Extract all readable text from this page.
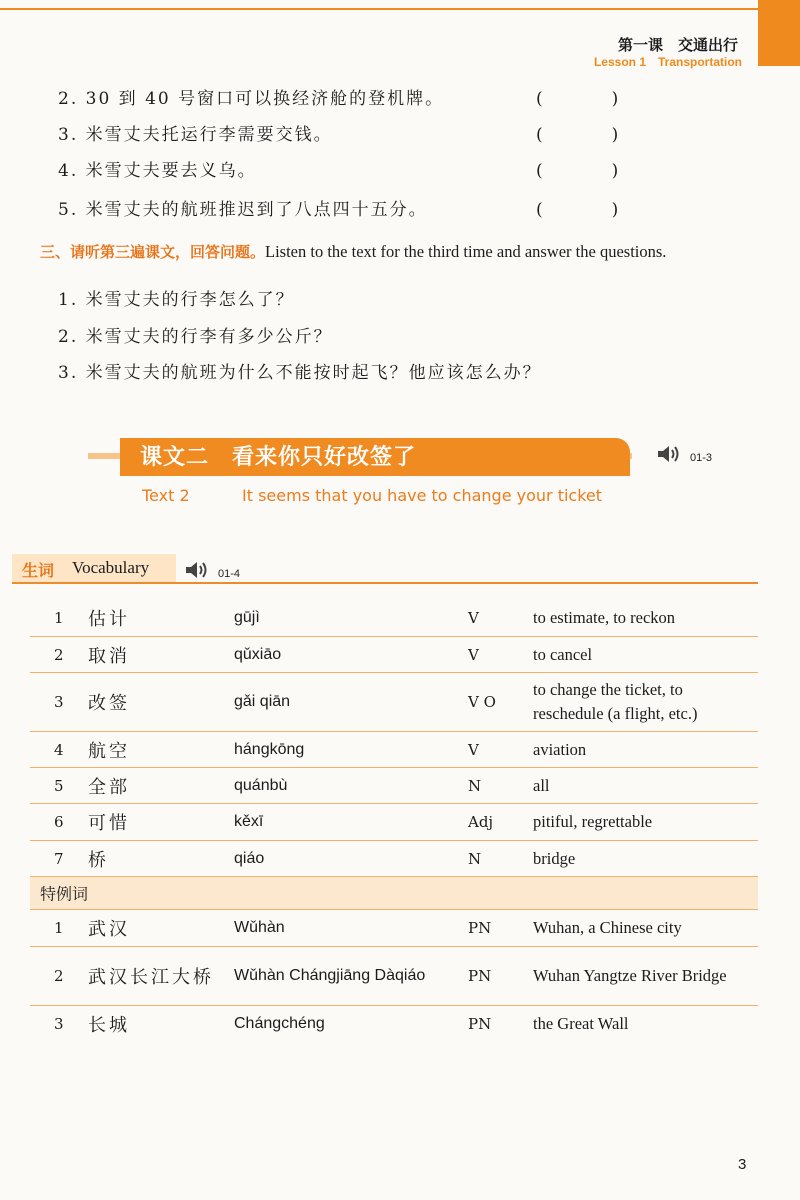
第一课　交通出行
Lesson 1　Transportation
2. 30 到 40 号窗口可以换经济舱的登机牌。	(　)
3. 米雪丈夫托运行李需要交钱。	(　)
4. 米雪丈夫要去义乌。	(　)
5. 米雪丈夫的航班推迟到了八点四十五分。	(　)
三、请听第三遍课文，回答问题。Listen to the text for the third time and answer the questions.
1. 米雪丈夫的行李怎么了？
2. 米雪丈夫的行李有多少公斤？
3. 米雪丈夫的航班为什么不能按时起飞？他应该怎么办？
课文二　看来你只好改签了	01-3
Text 2	It seems that you have to change your ticket
生词 Vocabulary	01-4
1 估计	gūjì	V	to estimate, to reckon
2 取消	qǔxiāo	V	to cancel
3 改签	gǎi qiān	V O
to change the ticket, to reschedule (a flight, etc.)
4 航空	hángkōng	V	aviation
5 全部	quánbù	N	all
6 可惜	kěxī	Adj pitiful, regrettable
7 桥	qiáo	N	bridge
特例词
1 武汉	Wǔhàn	PN	Wuhan, a Chinese city
2 武汉长江大桥 Wǔhàn Chángjiāng Dàqiáo	PN	Wuhan Yangtze River Bridge
3 长城	Chángchéng	PN	the Great Wall
3
